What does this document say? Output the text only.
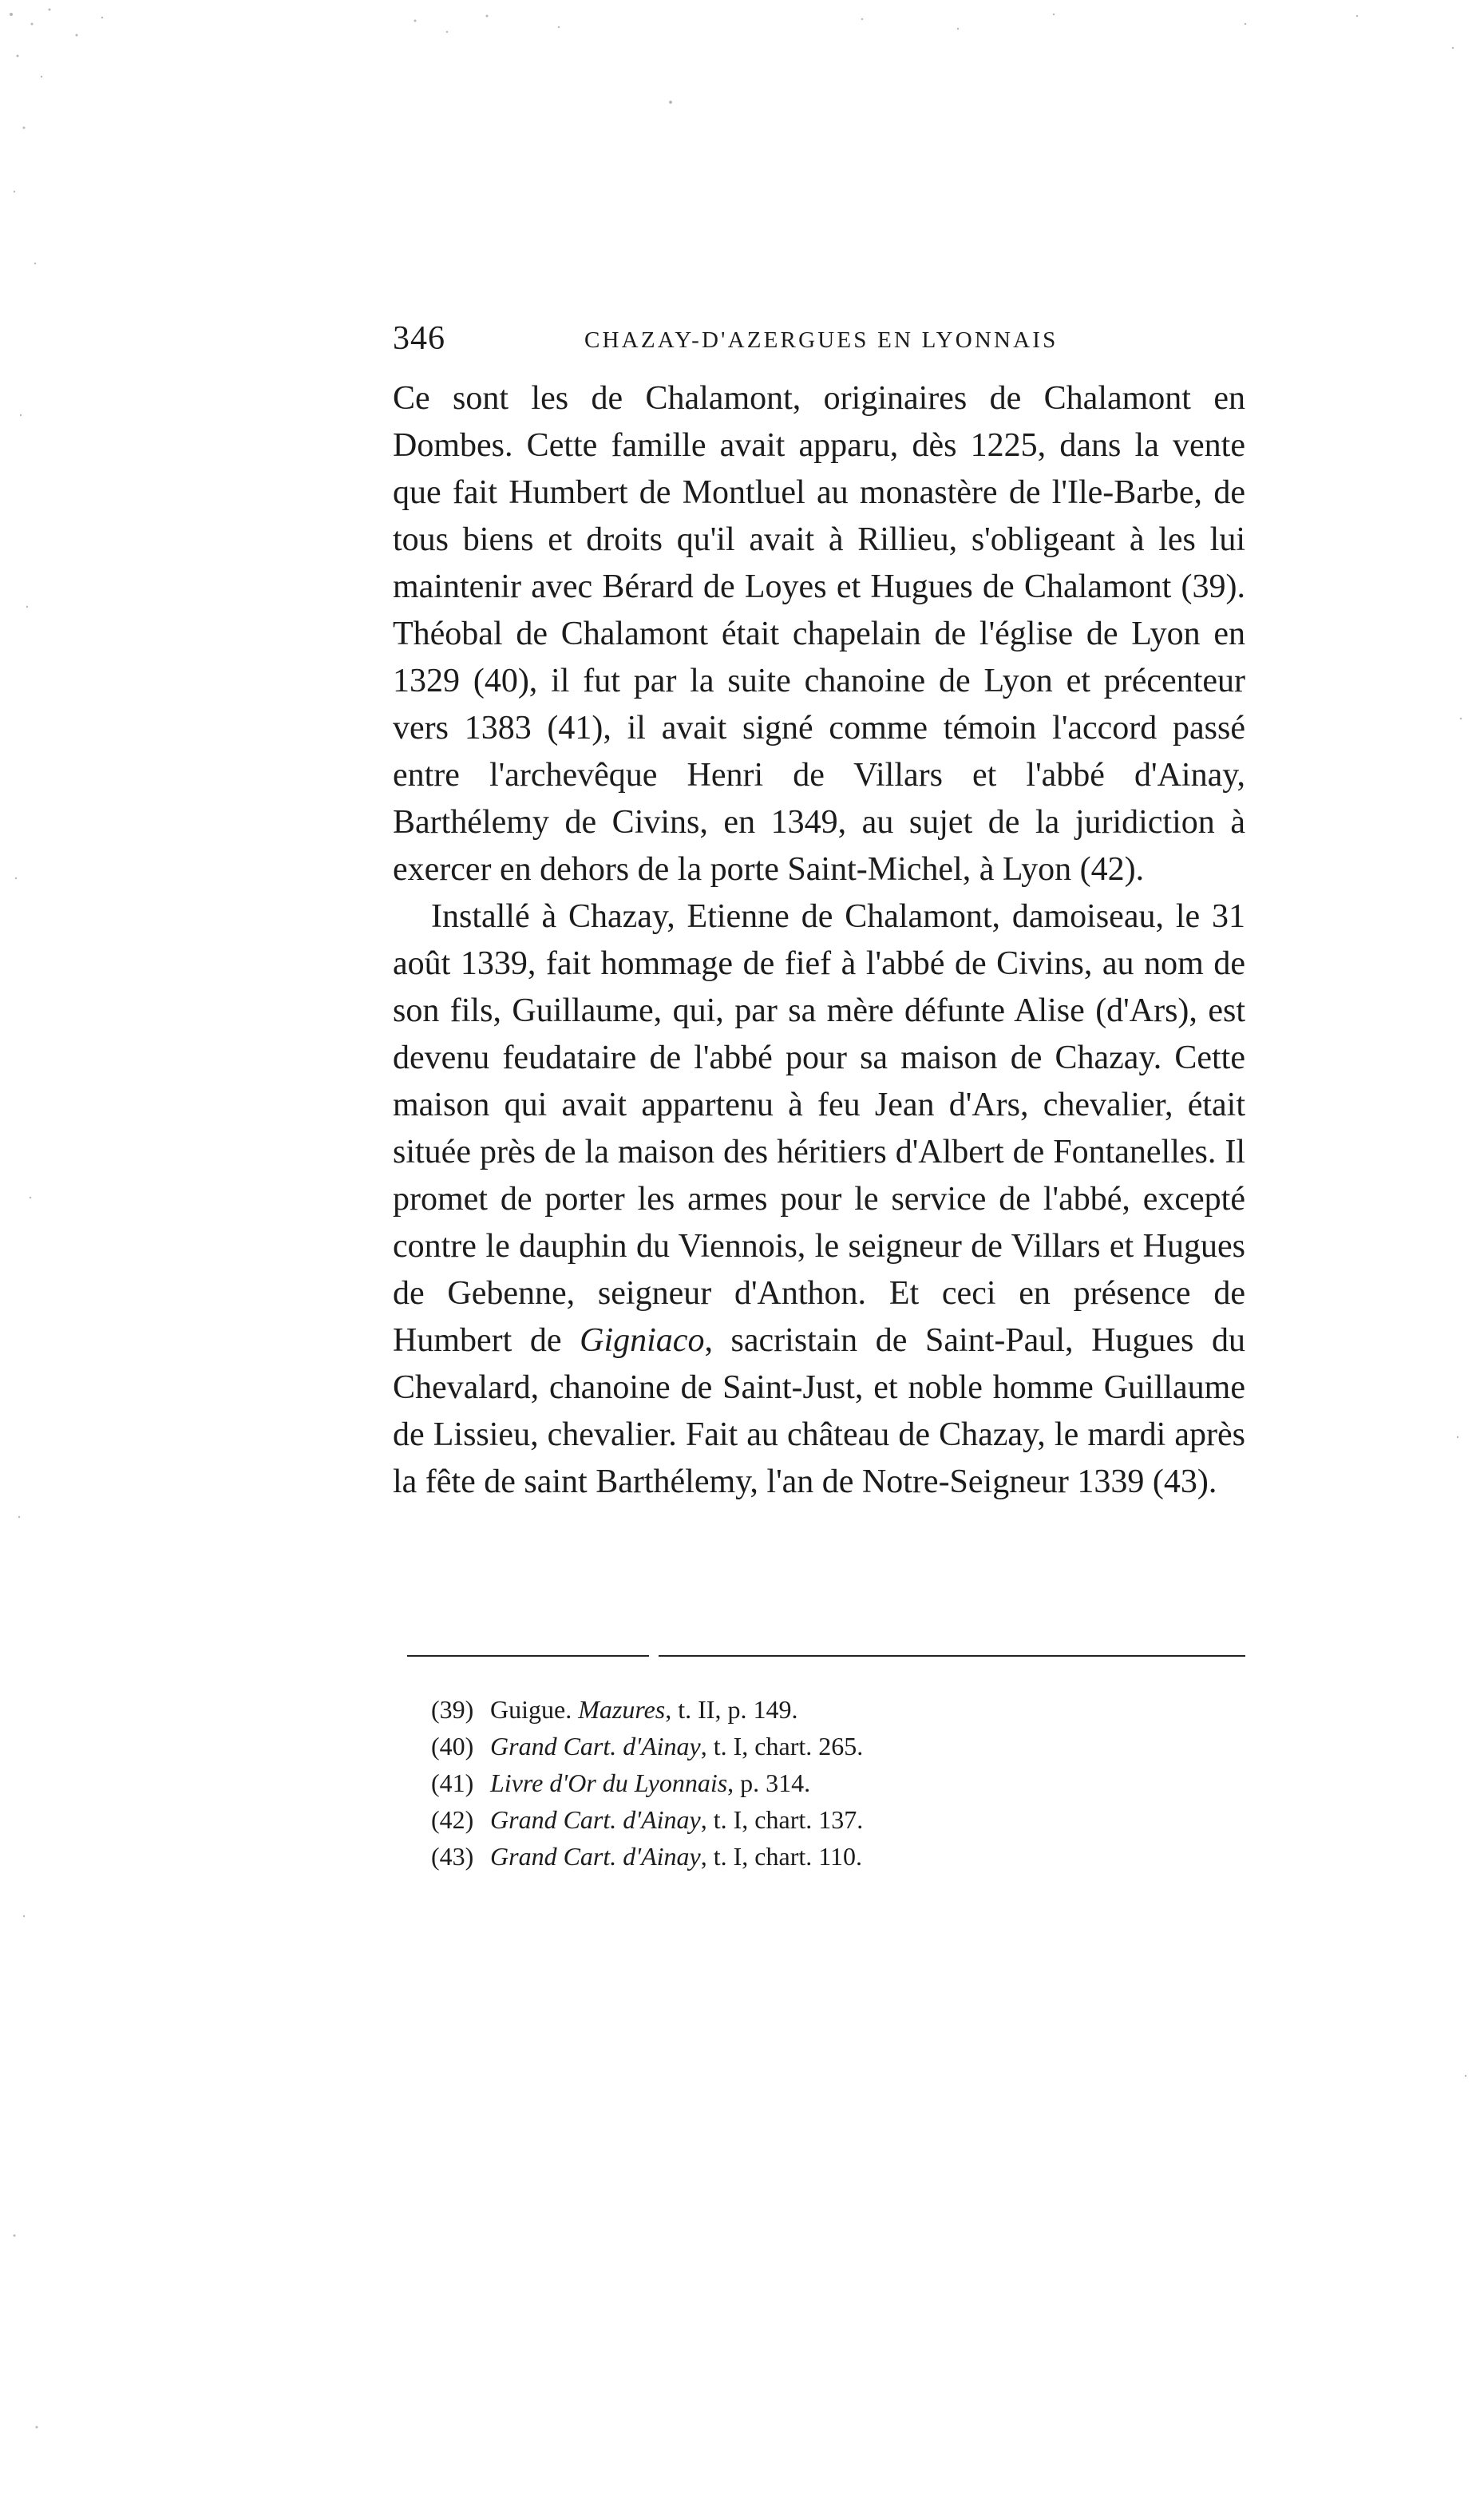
346	CHAZAY-D'AZERGUES EN LYONNAIS

Ce sont les de Chalamont, originaires de Chalamont en Dombes. Cette famille avait apparu, dès 1225, dans la vente que fait Humbert de Montluel au monastère de l'Ile-Barbe, de tous biens et droits qu'il avait à Rillieu, s'obligeant à les lui maintenir avec Bérard de Loyes et Hugues de Chalamont (39). Théobal de Chalamont était chapelain de l'église de Lyon en 1329 (40), il fut par la suite chanoine de Lyon et précenteur vers 1383 (41), il avait signé comme témoin l'accord passé entre l'archevêque Henri de Villars et l'abbé d'Ainay, Barthélemy de Civins, en 1349, au sujet de la juridiction à exercer en dehors de la porte Saint-Michel, à Lyon (42).

Installé à Chazay, Etienne de Chalamont, damoiseau, le 31 août 1339, fait hommage de fief à l'abbé de Civins, au nom de son fils, Guillaume, qui, par sa mère défunte Alise (d'Ars), est devenu feudataire de l'abbé pour sa maison de Chazay. Cette maison qui avait appartenu à feu Jean d'Ars, chevalier, était située près de la maison des héritiers d'Albert de Fontanelles. Il promet de porter les armes pour le service de l'abbé, excepté contre le dauphin du Viennois, le seigneur de Villars et Hugues de Gebenne, seigneur d'Anthon. Et ceci en présence de Humbert de Gigniaco, sacristain de Saint-Paul, Hugues du Chevalard, chanoine de Saint-Just, et noble homme Guillaume de Lissieu, chevalier. Fait au château de Chazay, le mardi après la fête de saint Barthélemy, l'an de Notre-Seigneur 1339 (43).

(39) Guigue. Mazures, t. II, p. 149.

(40) Grand Cart. d'Ainay, t. I, chart. 265.

(41) Livre d'Or du Lyonnais, p. 314.

(42) Grand Cart. d'Ainay, t. I, chart. 137.

(43) Grand Cart. d'Ainay, t. I, chart. 110.
